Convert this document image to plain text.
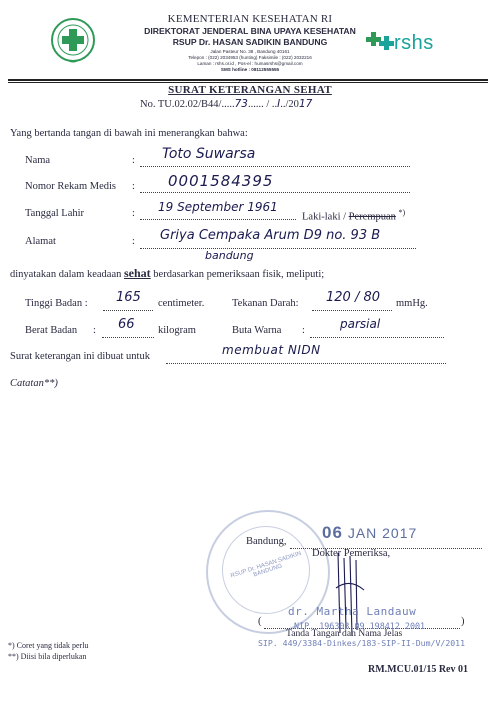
KEMENTERIAN KESEHATAN RI
DIREKTORAT JENDERAL BINA UPAYA KESEHATAN
RSUP Dr. HASAN SADIKIN BANDUNG
Jalan Pasteur No. 38 , Bandung 40161
Telepon : (022) 2034953 (hunting) Faksimile : (022) 2032216
Laman : rshs.or.id , Pos-el : humasrshs@gmail.com
SMS hotline : 08112555555
rshs
SURAT KETERANGAN SEHAT
No. TU.02.02/B44/.....73...... / ..I../2017
Yang bertanda tangan di bawah ini menerangkan bahwa:
Nama	: Toto Suwarsa
Nomor Rekam Medis : 0001584395
Tanggal Lahir	: 19 September 1961
Laki-laki / Perempuan *)
Alamat	: Griya Cempaka Arum D9 no. 93 B
bandung
dinyatakan dalam keadaan sehat berdasarkan pemeriksaan fisik, meliputi;
Tinggi Badan : 165 centimeter.	Tekanan Darah: 120 / 80 mmHg.
Berat Badan : 66 kilogram	Buta Warna :	parsial
Surat keterangan ini dibuat untuk	membuat NIDN
Catatan**)
RSUP Dr. HASAN SADIKIN BANDUNG
Bandung, 06 JAN 2017
Dokter Pemeriksa,
dr. Martha Landauw
(	)
NIP. 196303 09 198412 2001
Tanda Tangan dan Nama Jelas
SIP. 449/3384-Dinkes/183-SIP-II-Dum/V/2011
*) Coret yang tidak perlu
**) Diisi bila diperlukan
RM.MCU.01/15 Rev 01
